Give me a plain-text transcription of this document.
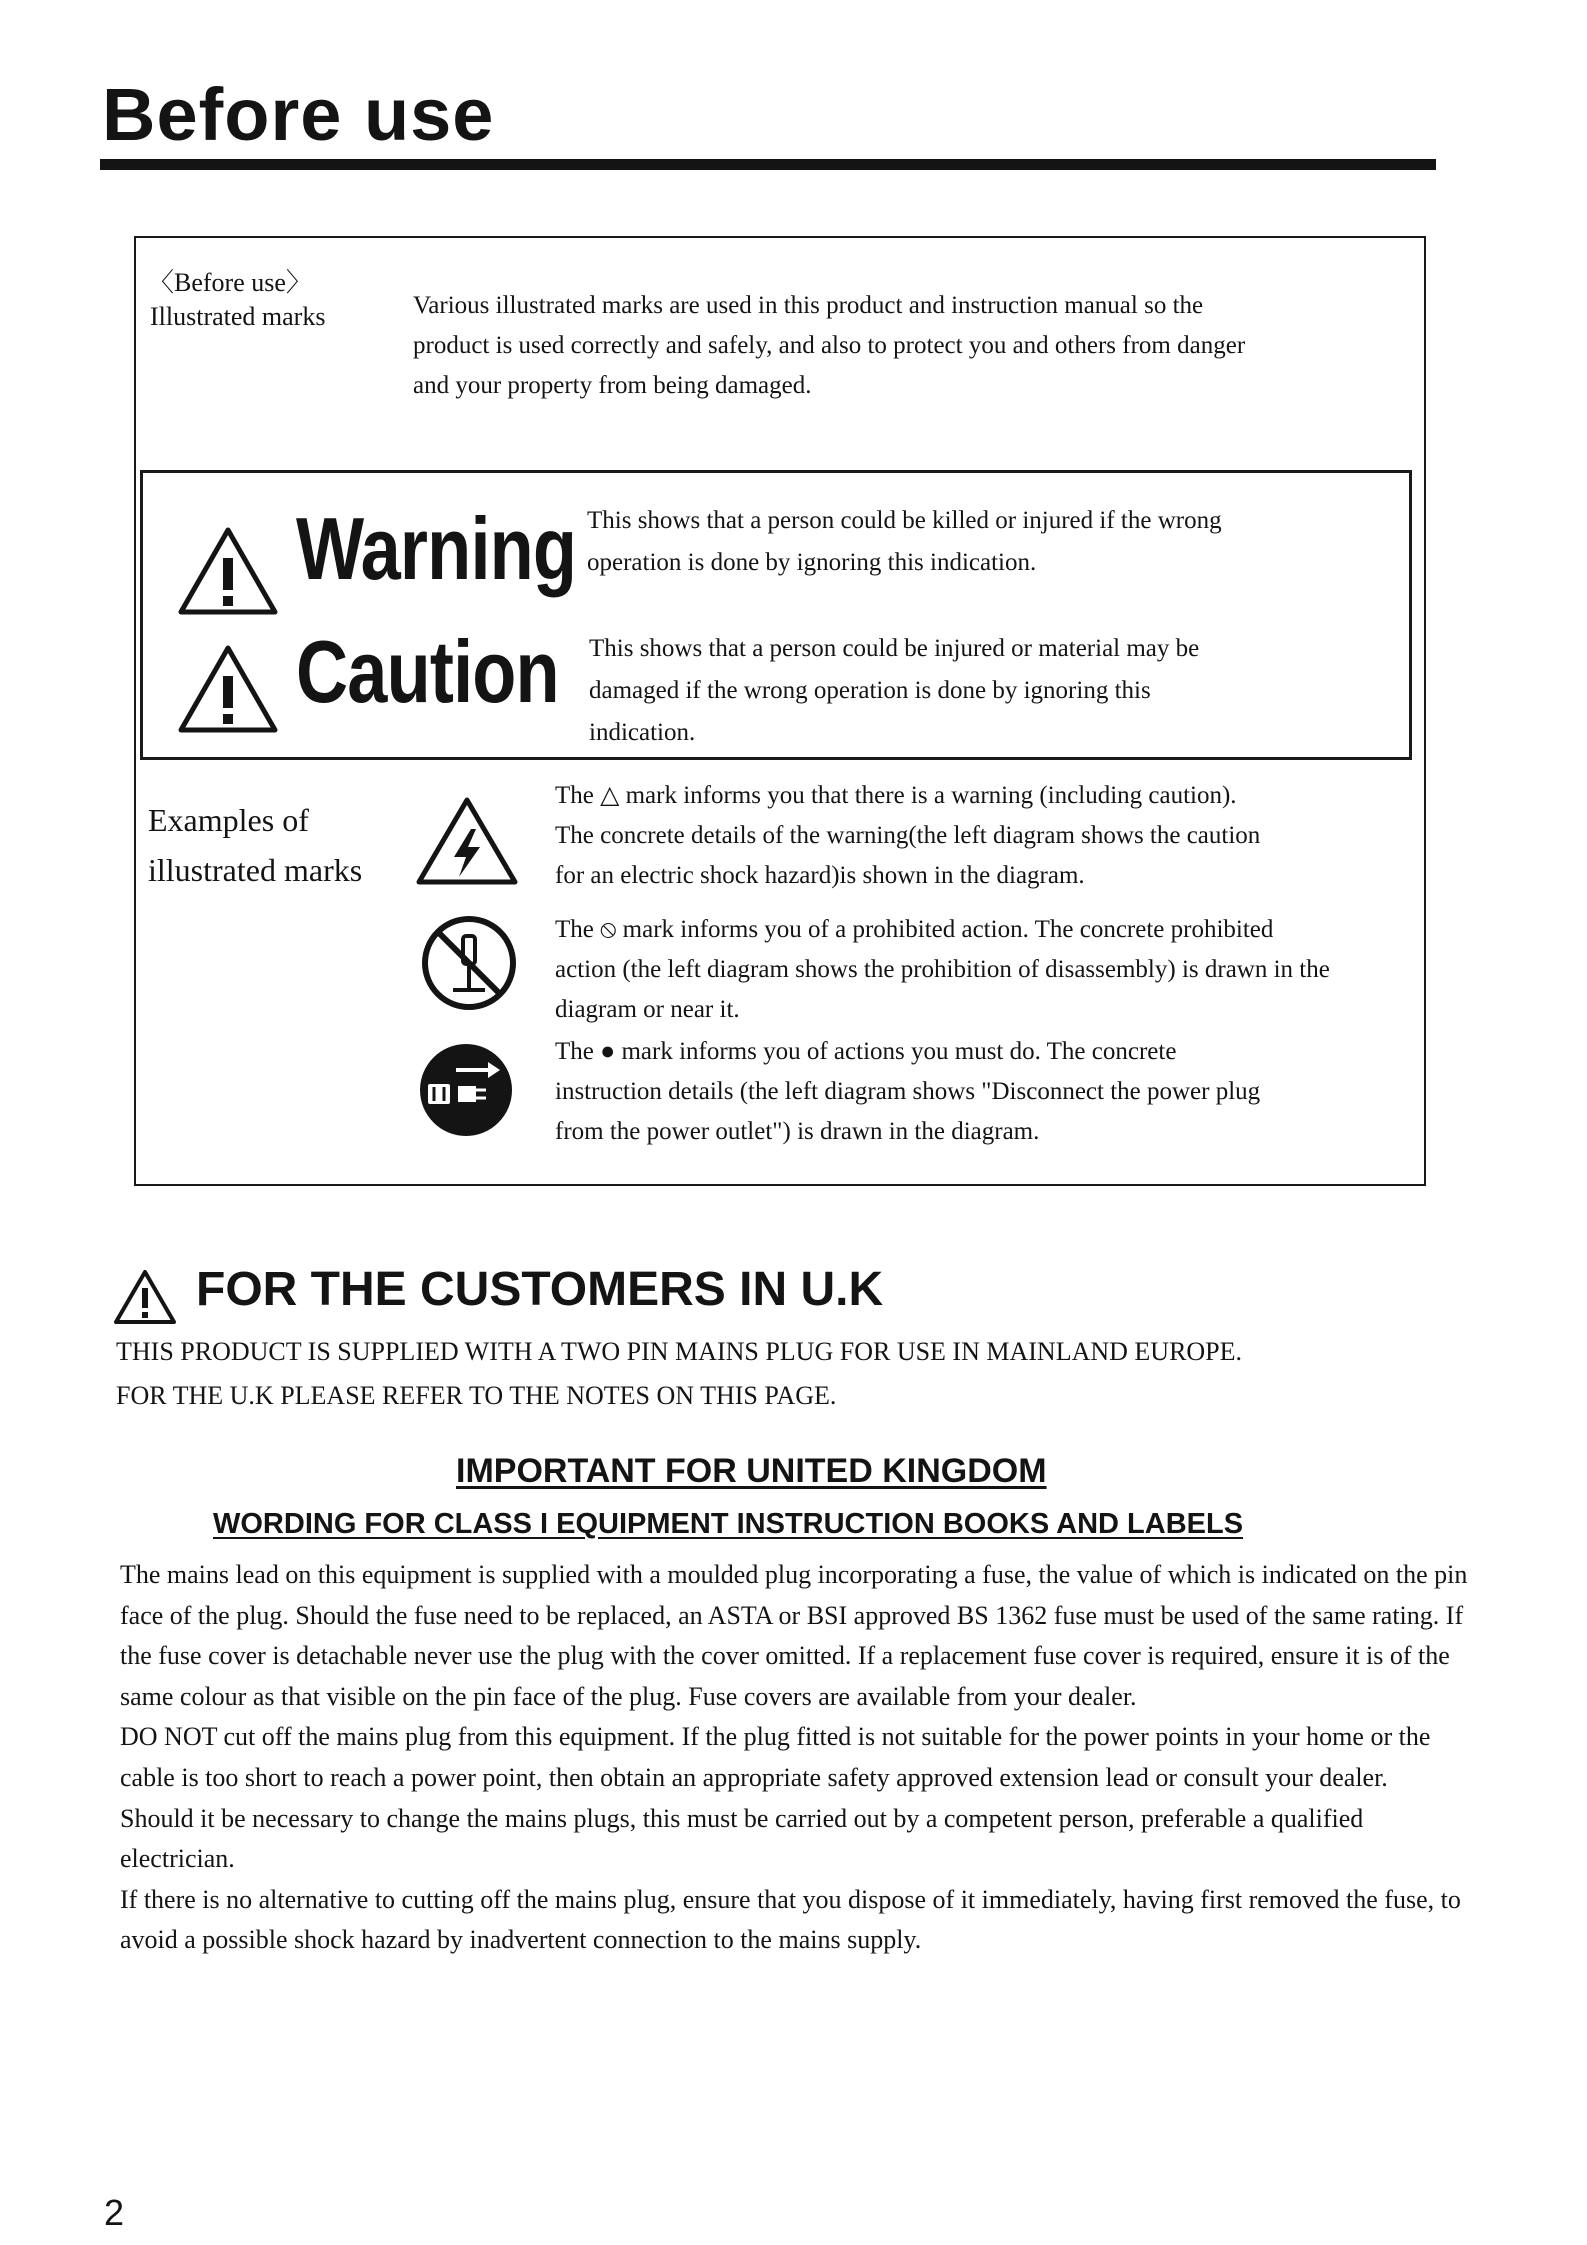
Before use
〈Before use〉
Illustrated marks	Various illustrated marks are used in this product and instruction manual so the
product is used correctly and safely, and also to protect you and others from danger
and your property from being damaged.
Warning This shows that a person could be killed or injured if the wrong
operation is done by ignoring this indication.
Caution This shows that a person could be injured or material may be
damaged if the wrong operation is done by ignoring this
indication.
Examples of
illustrated marks
The △ mark informs you that there is a warning (including caution).
The concrete details of the warning(the left diagram shows the caution
for an electric shock hazard)is shown in the diagram.
The ⦸ mark informs you of a prohibited action. The concrete prohibited
action (the left diagram shows the prohibition of disassembly) is drawn in the
diagram or near it.
The ● mark informs you of actions you must do. The concrete
instruction details (the left diagram shows "Disconnect the power plug
from the power outlet") is drawn in the diagram.
FOR THE CUSTOMERS IN U.K
THIS PRODUCT IS SUPPLIED WITH A TWO PIN MAINS PLUG FOR USE IN MAINLAND EUROPE.
FOR THE U.K PLEASE REFER TO THE NOTES ON THIS PAGE.
IMPORTANT FOR UNITED KINGDOM
WORDING FOR CLASS I EQUIPMENT INSTRUCTION BOOKS AND LABELS

The mains lead on this equipment is supplied with a moulded plug incorporating a fuse, the value of which is indicated on the pin face of the plug. Should the fuse need to be replaced, an ASTA or BSI approved BS 1362 fuse must be used of the same rating. If the fuse cover is detachable never use the plug with the cover omitted. If a replacement fuse cover is required, ensure it is of the same colour as that visible on the pin face of the plug. Fuse covers are available from your dealer.

DO NOT cut off the mains plug from this equipment. If the plug fitted is not suitable for the power points in your home or the cable is too short to reach a power point, then obtain an appropriate safety approved extension lead or consult your dealer.

Should it be necessary to change the mains plugs, this must be carried out by a competent person, preferable a qualified electrician.

If there is no alternative to cutting off the mains plug, ensure that you dispose of it immediately, having first removed the fuse, to avoid a possible shock hazard by inadvertent connection to the mains supply.

2
